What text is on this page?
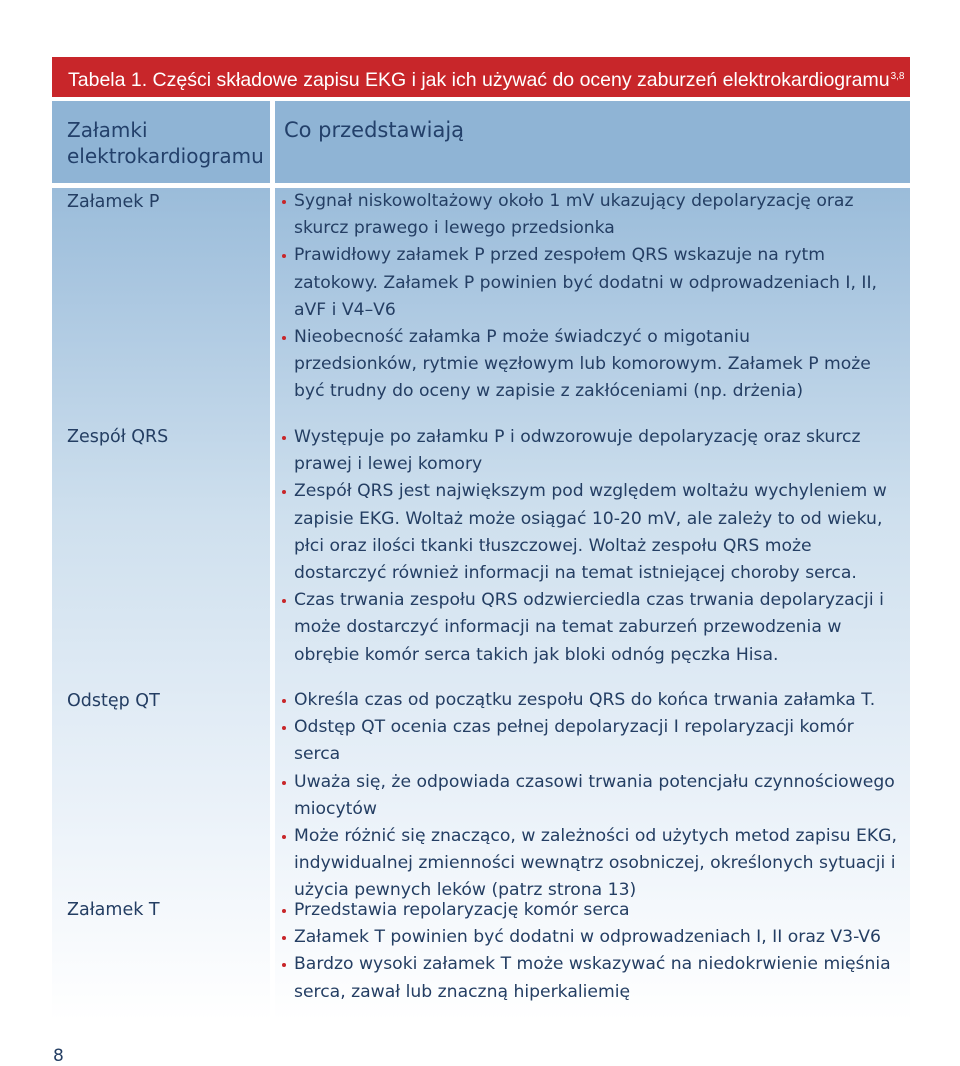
Tabela 1. Części składowe zapisu EKG i jak ich używać do oceny zaburzeń elektrokardiogramu$^{3,8}$
Załamki elektrokardiogramu
Co przedstawiają
Załamek P	Sygnał niskowoltażowy około 1 mV ukazujący depolaryzację oraz skurcz prawego i lewego przedsionka
Prawidłowy załamek P przed zespołem QRS wskazuje na rytm zatokowy. Załamek P powinien być dodatni w odprowadzeniach I, II, aVF i V4–V6
Nieobecność załamka P może świadczyć o migotaniu przedsionków, rytmie węzłowym lub komorowym. Załamek P może być trudny do oceny w zapisie z zakłóceniami (np. drżenia)
Zespół QRS	Występuje po załamku P i odwzorowuje depolaryzację oraz skurcz prawej i lewej komory
Zespół QRS jest największym pod względem woltażu wychyleniem w zapisie EKG. Woltaż może osiągać 10-20 mV, ale zależy to od wieku, płci oraz ilości tkanki tłuszczowej. Woltaż zespołu QRS może dostarczyć również informacji na temat istniejącej choroby serca.
Czas trwania zespołu QRS odzwierciedla czas trwania depolaryzacji i może dostarczyć informacji na temat zaburzeń przewodzenia w obrębie komór serca takich jak bloki odnóg pęczka Hisa.
Odstęp QT	Określa czas od początku zespołu QRS do końca trwania załamka T.
Odstęp QT ocenia czas pełnej depolaryzacji I repolaryzacji komór serca
Uważa się, że odpowiada czasowi trwania potencjału czynnościowego miocytów
Może różnić się znacząco, w zależności od użytych metod zapisu EKG, indywidualnej zmienności wewnątrz osobniczej, określonych sytuacji i użycia pewnych leków (patrz strona 13)
Załamek T	Przedstawia repolaryzację komór serca
Załamek T powinien być dodatni w odprowadzeniach I, II oraz V3-V6
Bardzo wysoki załamek T może wskazywać na niedokrwienie mięśnia serca, zawał lub znaczną hiperkaliemię
8
